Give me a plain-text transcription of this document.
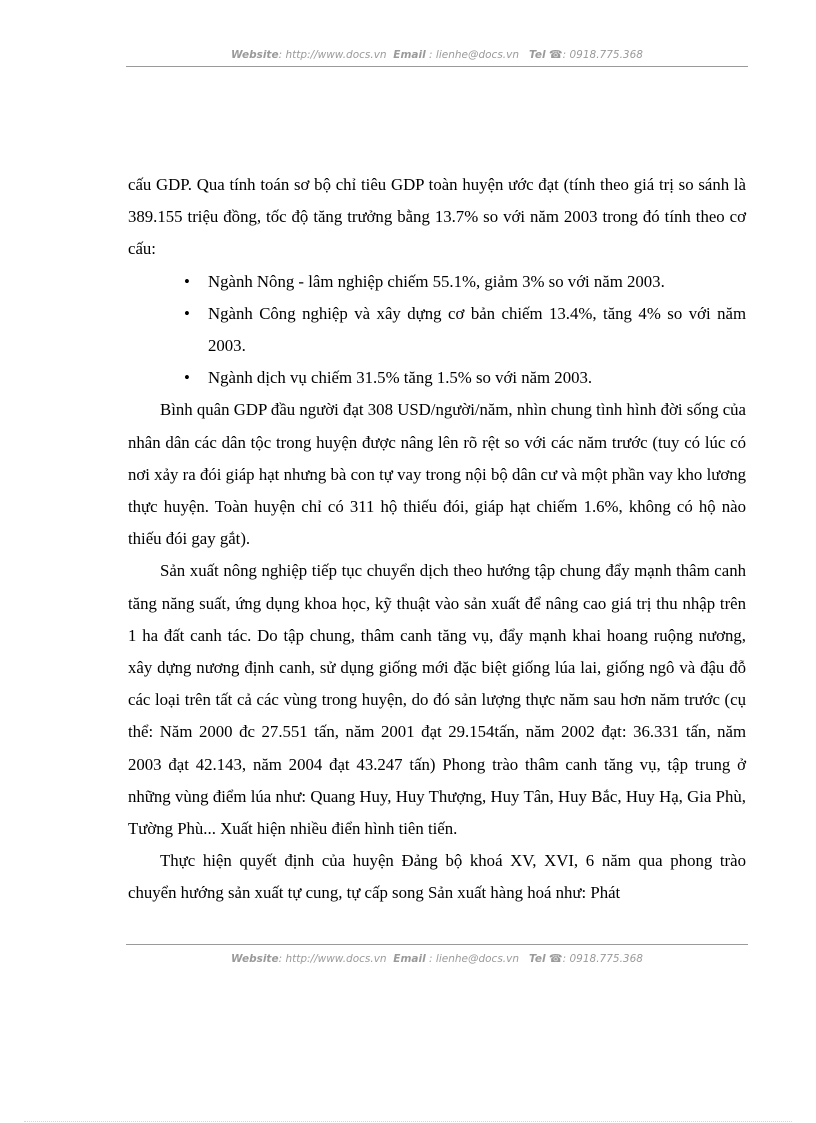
Website: http://www.docs.vn Email : lienhe@docs.vn Tel ☎: 0918.775.368

cấu GDP. Qua tính toán sơ bộ chỉ tiêu GDP toàn huyện ước đạt (tính theo giá trị so sánh là 389.155 triệu đồng, tốc độ tăng trưởng bằng 13.7% so với năm 2003 trong đó tính theo cơ cấu:

• Ngành Nông - lâm nghiệp chiếm 55.1%, giảm 3% so với năm 2003.
• Ngành Công nghiệp và xây dựng cơ bản chiếm 13.4%, tăng 4% so với năm 2003.
• Ngành dịch vụ chiếm 31.5% tăng 1.5% so với năm 2003.

Bình quân GDP đầu người đạt 308 USD/người/năm, nhìn chung tình hình đời sống của nhân dân các dân tộc trong huyện được nâng lên rõ rệt so với các năm trước (tuy có lúc có nơi xảy ra đói giáp hạt nhưng bà con tự vay trong nội bộ dân cư và một phần vay kho lương thực huyện. Toàn huyện chỉ có 311 hộ thiếu đói, giáp hạt chiếm 1.6%, không có hộ nào thiếu đói gay gắt).

Sản xuất nông nghiệp tiếp tục chuyển dịch theo hướng tập chung đẩy mạnh thâm canh tăng năng suất, ứng dụng khoa học, kỹ thuật vào sản xuất để nâng cao giá trị thu nhập trên 1 ha đất canh tác. Do tập chung, thâm canh tăng vụ, đẩy mạnh khai hoang ruộng nương, xây dựng nương định canh, sử dụng giống mới đặc biệt giống lúa lai, giống ngô và đậu đỗ các loại trên tất cả các vùng trong huyện, do đó sản lượng thực năm sau hơn năm trước (cụ thể: Năm 2000 đc 27.551 tấn, năm 2001 đạt 29.154tấn, năm 2002 đạt: 36.331 tấn, năm 2003 đạt 42.143, năm 2004 đạt 43.247 tấn) Phong trào thâm canh tăng vụ, tập trung ở những vùng điểm lúa như: Quang Huy, Huy Thượng, Huy Tân, Huy Bắc, Huy Hạ, Gia Phù, Tường Phù... Xuất hiện nhiều điển hình tiên tiến.

Thực hiện quyết định của huyện Đảng bộ khoá XV, XVI, 6 năm qua phong trào chuyển hướng sản xuất tự cung, tự cấp song Sản xuất hàng hoá như: Phát

Website: http://www.docs.vn Email : lienhe@docs.vn Tel ☎: 0918.775.368
